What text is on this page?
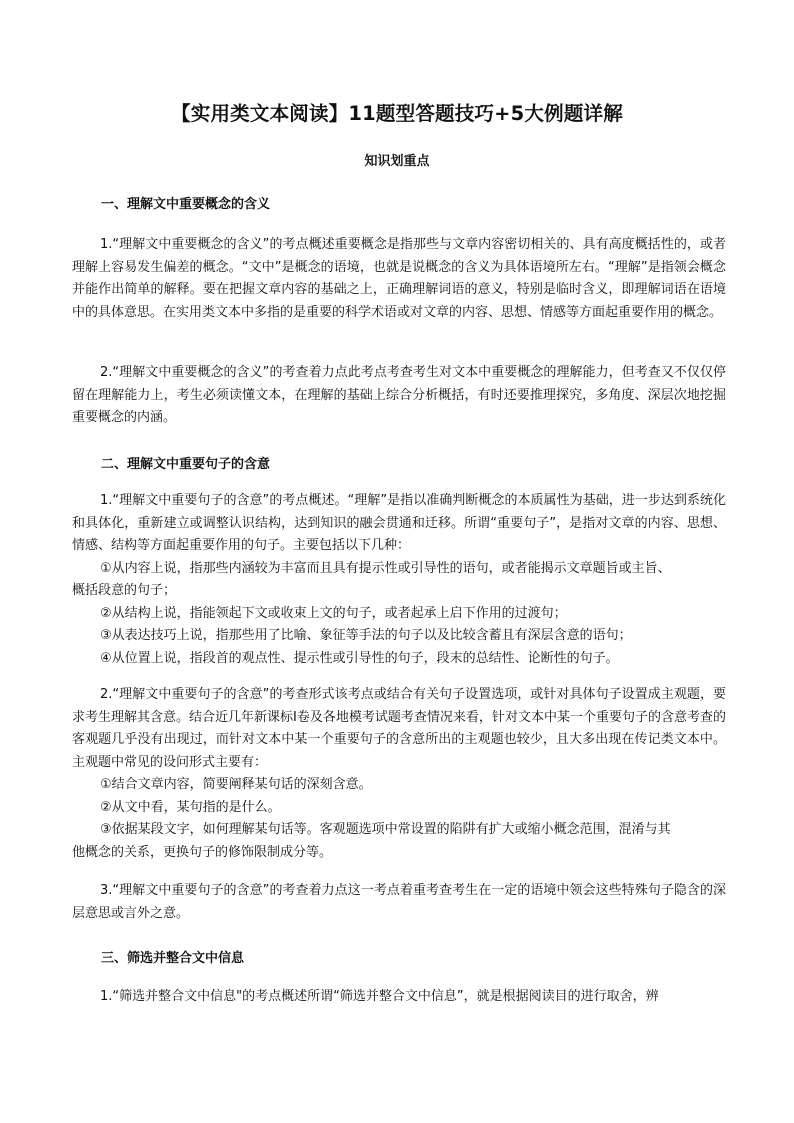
【实用类文本阅读】11题型答题技巧+5大例题详解
知识划重点
一、理解文中重要概念的含义
1.“理解文中重要概念的含义”的考点概述重要概念是指那些与文章内容密切相关的、具有高度概括性的，或者理解上容易发生偏差的概念。“文中”是概念的语境，也就是说概念的含义为具体语境所左右。“理解”是指领会概念并能作出简单的解释。要在把握文章内容的基础之上，正确理解词语的意义，特别是临时含义，即理解词语在语境中的具体意思。在实用类文本中多指的是重要的科学术语或对文章的内容、思想、情感等方面起重要作用的概念。
2.“理解文中重要概念的含义”的考查着力点此考点考查考生对文本中重要概念的理解能力，但考查又不仅仅停留在理解能力上，考生必须读懂文本，在理解的基础上综合分析概括，有时还要推理探究，多角度、深层次地挖掘重要概念的内涵。
二、理解文中重要句子的含意
1.“理解文中重要句子的含意”的考点概述。“理解”是指以准确判断概念的本质属性为基础，进一步达到系统化和具体化，重新建立或调整认识结构，达到知识的融会贯通和迁移。所谓“重要句子”，是指对文章的内容、思想、情感、结构等方面起重要作用的句子。主要包括以下几种：
①从内容上说，指那些内涵较为丰富而且具有提示性或引导性的语句，或者能揭示文章题旨或主旨、
概括段意的句子；
②从结构上说，指能领起下文或收束上文的句子，或者起承上启下作用的过渡句；
③从表达技巧上说，指那些用了比喻、象征等手法的句子以及比较含蓄且有深层含意的语句；
④从位置上说，指段首的观点性、提示性或引导性的句子，段末的总结性、论断性的句子。
2.“理解文中重要句子的含意”的考查形式该考点或结合有关句子设置选项，或针对具体句子设置成主观题，要求考生理解其含意。结合近几年新课标Ⅰ卷及各地模考试题考查情况来看，针对文本中某一个重要句子的含意考查的客观题几乎没有出现过，而针对文本中某一个重要句子的含意所出的主观题也较少，且大多出现在传记类文本中。主观题中常见的设问形式主要有：
①结合文章内容，简要阐释某句话的深刻含意。
②从文中看，某句指的是什么。
③依据某段文字，如何理解某句话等。客观题选项中常设置的陷阱有扩大或缩小概念范围，混淆与其
他概念的关系，更换句子的修饰限制成分等。
3.“理解文中重要句子的含意”的考查着力点这一考点着重考查考生在一定的语境中领会这些特殊句子隐含的深层意思或言外之意。
三、筛选并整合文中信息
1.“筛选并整合文中信息"的考点概述所谓“筛选并整合文中信息”，就是根据阅读目的进行取舍，辨
